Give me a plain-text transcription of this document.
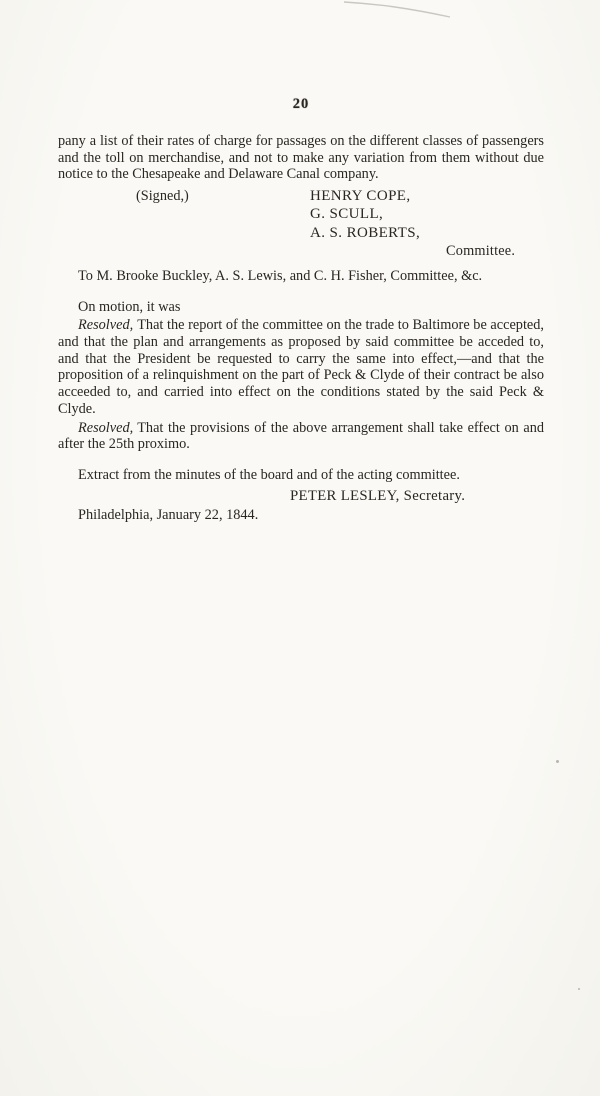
20

pany a list of their rates of charge for passages on the different classes of passengers and the toll on merchandise, and not to make any variation from them without due notice to the Chesapeake and Delaware Canal company.

(Signed,)	HENRY COPE,
G. SCULL,
A. S. ROBERTS,
Committee.

To M. Brooke Buckley, A. S. Lewis, and C. H. Fisher, Committee, &c.

On motion, it was

Resolved, That the report of the committee on the trade to Baltimore be accepted, and that the plan and arrangements as proposed by said committee be acceded to, and that the President be requested to carry the same into effect,—and that the proposition of a relinquishment on the part of Peck & Clyde of their contract be also acceeded to, and carried into effect on the conditions stated by the said Peck & Clyde.

Resolved, That the provisions of the above arrangement shall take effect on and after the 25th proximo.

Extract from the minutes of the board and of the acting committee.

PETER LESLEY, Secretary.

Philadelphia, January 22, 1844.
